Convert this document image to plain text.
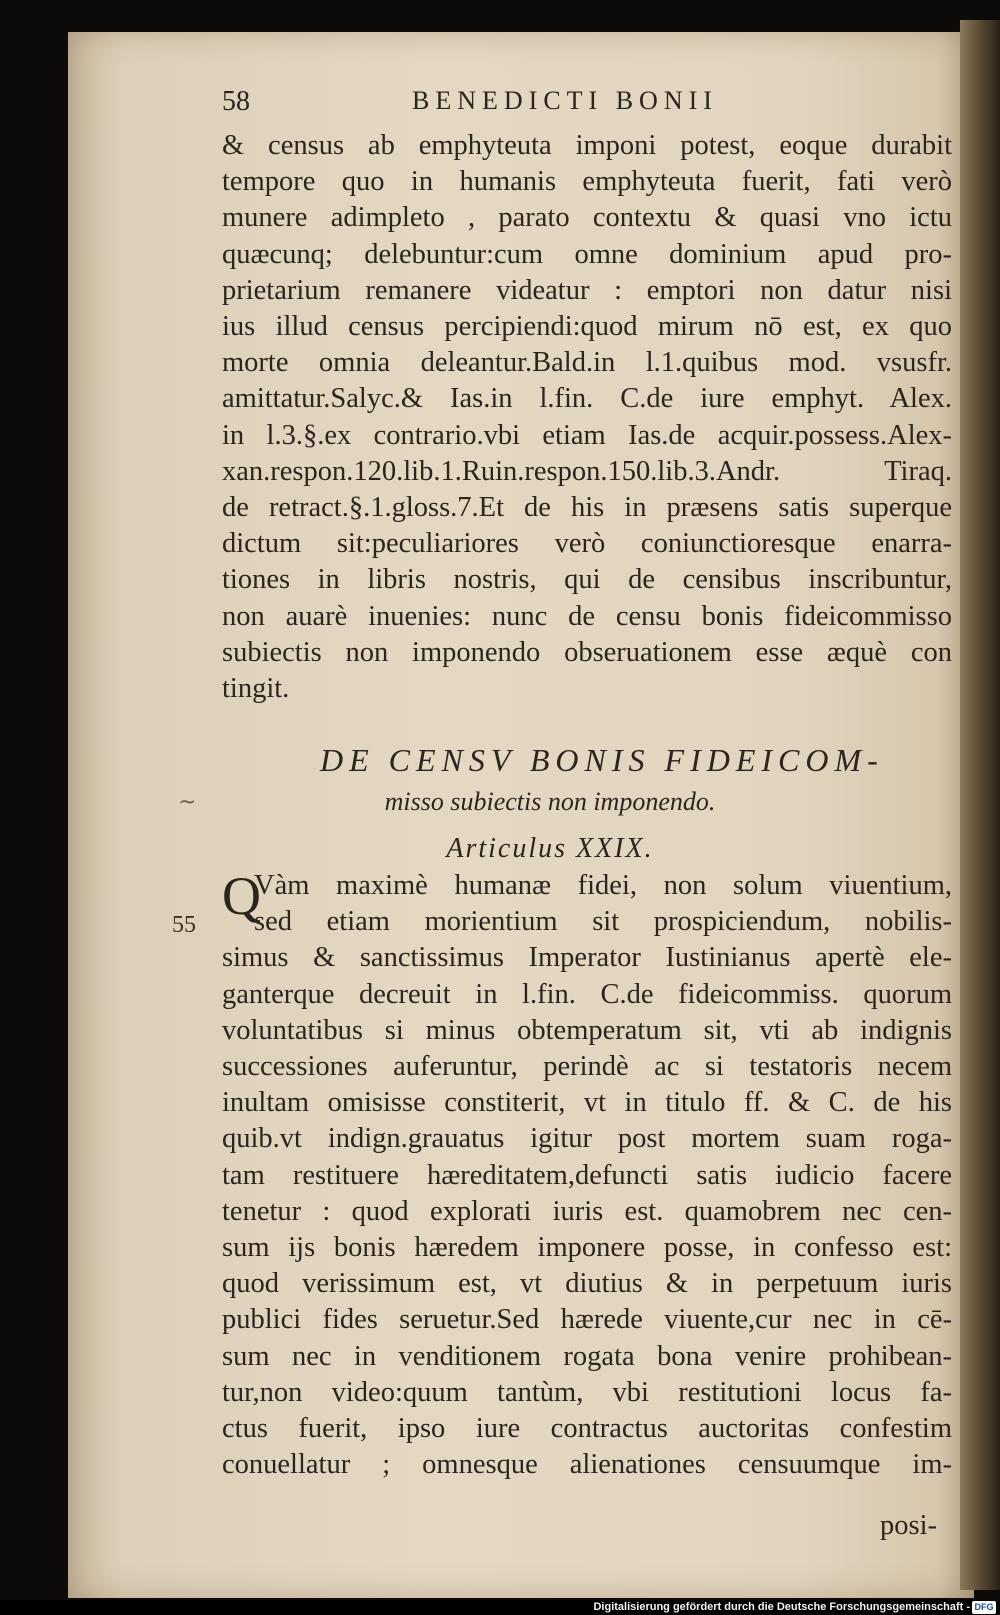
58	BENEDICTI BONII
& census ab emphyteuta imponi potest, eoque durabit
tempore quo in humanis emphyteuta fuerit, fati verò
munere adimpleto , parato contextu & quasi vno ictu
quæcunq; delebuntur:cum omne dominium apud pro-
prietarium remanere videatur : emptori non datur nisi
ius illud census percipiendi:quod mirum nō est, ex quo
morte omnia deleantur.Bald.in l.1.quibus mod. vsusfr.
amittatur.Salyc.& Ias.in l.fin. C.de iure emphyt. Alex.
in l.3.§.ex contrario.vbi etiam Ias.de acquir.possess.Alex-
xan.respon.120.lib.1.Ruin.respon.150.lib.3.Andr. Tiraq.
de retract.§.1.gloss.7.Et de his in præsens satis superque
dictum sit:peculiariores verò coniunctioresque enarra-
tiones in libris nostris, qui de censibus inscribuntur,
non auarè inuenies: nunc de censu bonis fideicommisso
subiectis non imponendo obseruationem esse æquè con
tingit.
~
DE CENSV BONIS FIDEICOM-
misso subiectis non imponendo.
Articulus XXIX.
Q
55
Vàm maximè humanæ fidei, non solum viuentium,
sed etiam morientium sit prospiciendum, nobilis-
simus & sanctissimus Imperator Iustinianus apertè ele-
ganterque decreuit in l.fin. C.de fideicommiss. quorum
voluntatibus si minus obtemperatum sit, vti ab indignis
successiones auferuntur, perindè ac si testatoris necem
inultam omisisse constiterit, vt in titulo ff. & C. de his
quib.vt indign.grauatus igitur post mortem suam roga-
tam restituere hæreditatem,defuncti satis iudicio facere
tenetur : quod explorati iuris est. quamobrem nec cen-
sum ijs bonis hæredem imponere posse, in confesso est:
quod verissimum est, vt diutius & in perpetuum iuris
publici fides seruetur.Sed hærede viuente,cur nec in cē-
sum nec in venditionem rogata bona venire prohibean-
tur,non video:quum tantùm, vbi restitutioni locus fa-
ctus fuerit, ipso iure contractus auctoritas confestim
conuellatur ; omnesque alienationes censuumque im-
posi-
Digitalisierung gefördert durch die Deutsche Forschungsgemeinschaft - DFG
